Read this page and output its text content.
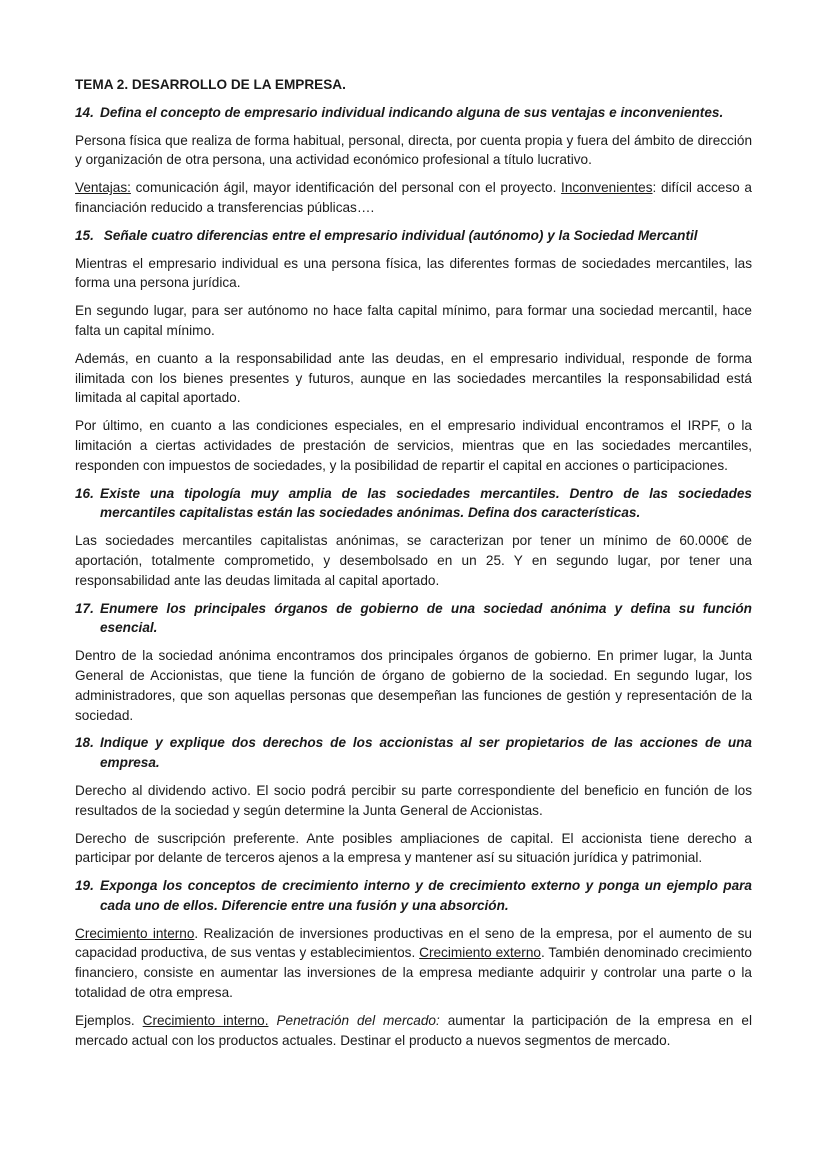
TEMA 2. DESARROLLO DE LA EMPRESA.
14. Defina el concepto de empresario individual indicando alguna de sus ventajas e inconvenientes.

Persona física que realiza de forma habitual, personal, directa, por cuenta propia y fuera del ámbito de dirección y organización de otra persona, una actividad económico profesional a título lucrativo.

Ventajas: comunicación ágil, mayor identificación del personal con el proyecto. Inconvenientes: difícil acceso a financiación reducido a transferencias públicas….

15. Señale cuatro diferencias entre el empresario individual (autónomo) y la Sociedad Mercantil

Mientras el empresario individual es una persona física, las diferentes formas de sociedades mercantiles, las forma una persona jurídica.

En segundo lugar, para ser autónomo no hace falta capital mínimo, para formar una sociedad mercantil, hace falta un capital mínimo.

Además, en cuanto a la responsabilidad ante las deudas, en el empresario individual, responde de forma ilimitada con los bienes presentes y futuros, aunque en las sociedades mercantiles la responsabilidad está limitada al capital aportado.

Por último, en cuanto a las condiciones especiales, en el empresario individual encontramos el IRPF, o la limitación a ciertas actividades de prestación de servicios, mientras que en las sociedades mercantiles, responden con impuestos de sociedades, y la posibilidad de repartir el capital en acciones o participaciones.

16. Existe una tipología muy amplia de las sociedades mercantiles. Dentro de las sociedades mercantiles capitalistas están las sociedades anónimas. Defina dos características.

Las sociedades mercantiles capitalistas anónimas, se caracterizan por tener un mínimo de 60.000€ de aportación, totalmente comprometido, y desembolsado en un 25. Y en segundo lugar, por tener una responsabilidad ante las deudas limitada al capital aportado.

17. Enumere los principales órganos de gobierno de una sociedad anónima y defina su función esencial.

Dentro de la sociedad anónima encontramos dos principales órganos de gobierno. En primer lugar, la Junta General de Accionistas, que tiene la función de órgano de gobierno de la sociedad. En segundo lugar, los administradores, que son aquellas personas que desempeñan las funciones de gestión y representación de la sociedad.

18. Indique y explique dos derechos de los accionistas al ser propietarios de las acciones de una empresa.

Derecho al dividendo activo. El socio podrá percibir su parte correspondiente del beneficio en función de los resultados de la sociedad y según determine la Junta General de Accionistas.

Derecho de suscripción preferente. Ante posibles ampliaciones de capital. El accionista tiene derecho a participar por delante de terceros ajenos a la empresa y mantener así su situación jurídica y patrimonial.

19. Exponga los conceptos de crecimiento interno y de crecimiento externo y ponga un ejemplo para cada uno de ellos. Diferencie entre una fusión y una absorción.

Crecimiento interno. Realización de inversiones productivas en el seno de la empresa, por el aumento de su capacidad productiva, de sus ventas y establecimientos. Crecimiento externo. También denominado crecimiento financiero, consiste en aumentar las inversiones de la empresa mediante adquirir y controlar una parte o la totalidad de otra empresa.

Ejemplos. Crecimiento interno. Penetración del mercado: aumentar la participación de la empresa en el mercado actual con los productos actuales. Destinar el producto a nuevos segmentos de mercado.
